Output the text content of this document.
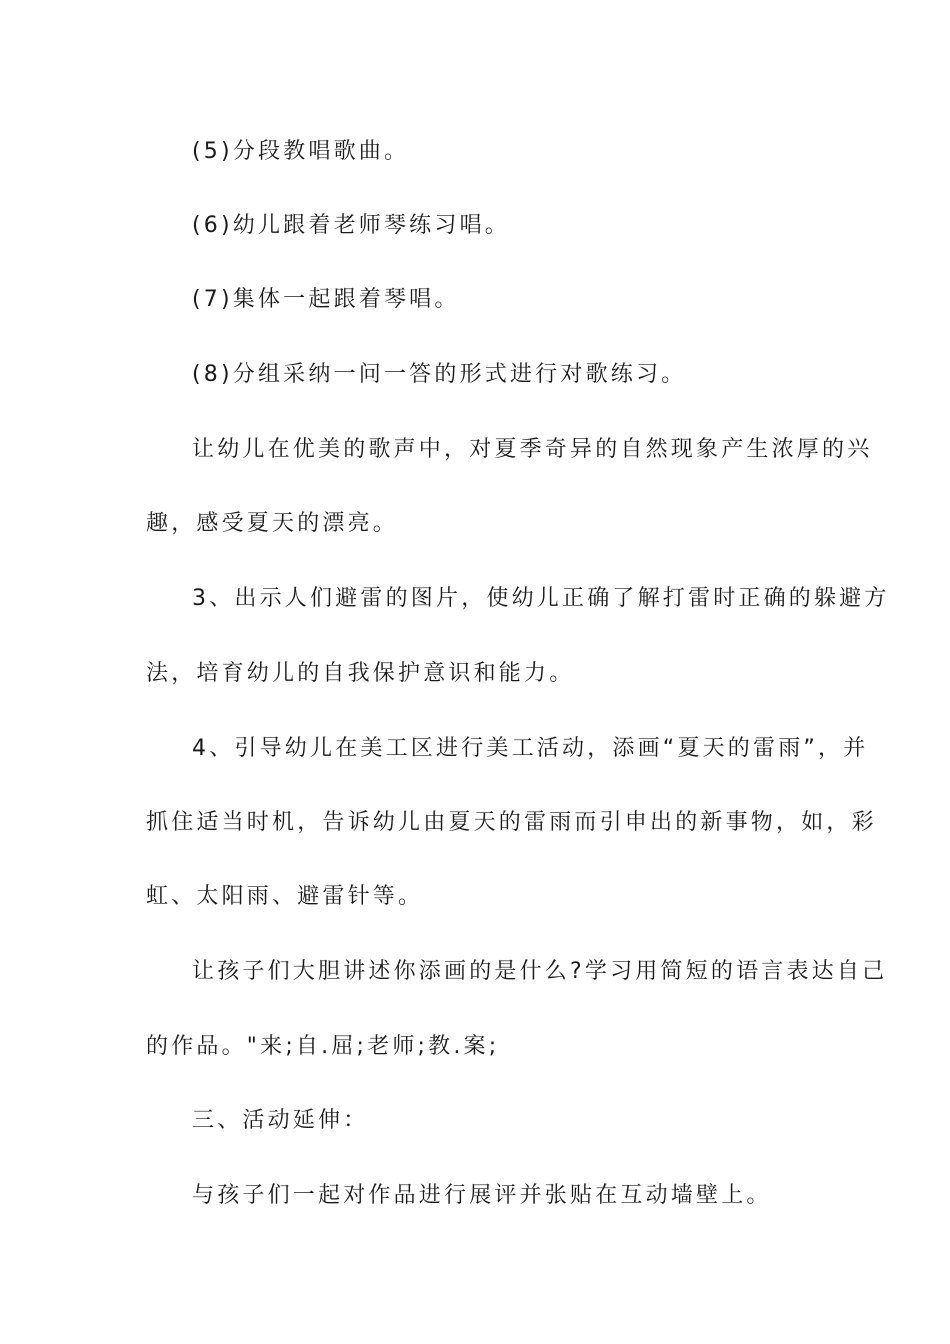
(5)分段教唱歌曲。
(6)幼儿跟着老师琴练习唱。
(7)集体一起跟着琴唱。
(8)分组采纳一问一答的形式进行对歌练习。
让幼儿在优美的歌声中，对夏季奇异的自然现象产生浓厚的兴
趣，感受夏天的漂亮。
3、出示人们避雷的图片，使幼儿正确了解打雷时正确的躲避方
法，培育幼儿的自我保护意识和能力。
4、引导幼儿在美工区进行美工活动，添画“夏天的雷雨”，并
抓住适当时机，告诉幼儿由夏天的雷雨而引申出的新事物，如，彩
虹、太阳雨、避雷针等。
让孩子们大胆讲述你添画的是什么?学习用简短的语言表达自己
的作品。"来;自.屈;老师;教.案;
三、活动延伸：
与孩子们一起对作品进行展评并张贴在互动墙壁上。
